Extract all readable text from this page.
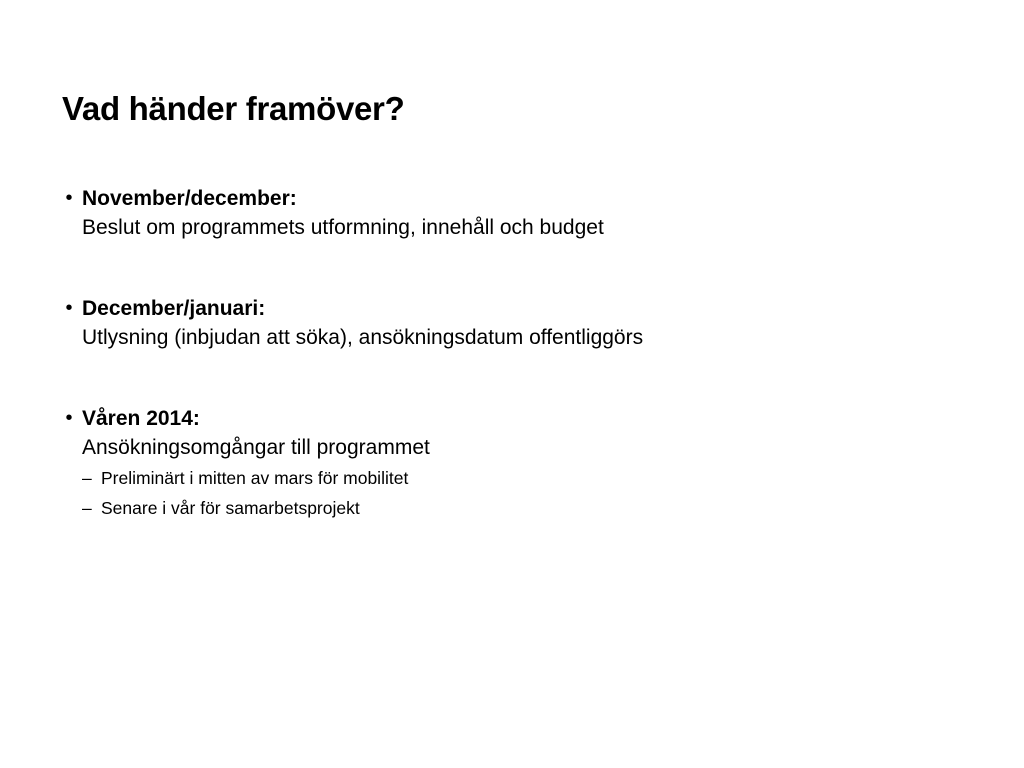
Vad händer framöver?
• November/december:
Beslut om programmets utformning, innehåll och budget
• December/januari:
Utlysning (inbjudan att söka), ansökningsdatum offentliggörs
• Våren 2014:
Ansökningsomgångar till programmet
– Preliminärt i mitten av mars för mobilitet
– Senare i vår för samarbetsprojekt
